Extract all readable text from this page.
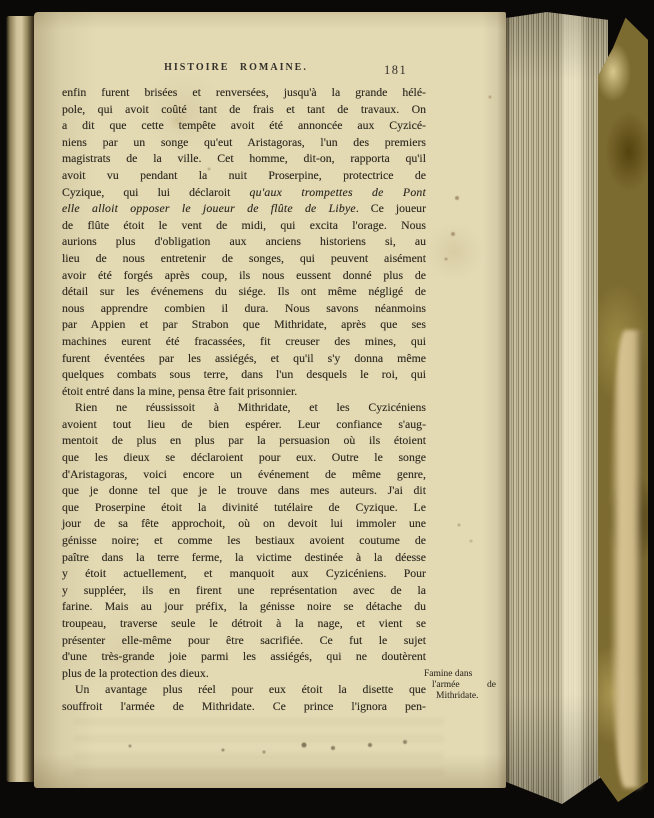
HISTOIRE ROMAINE.	181
enfin furent brisées et renversées, jusqu'à la grande hélé-
pole, qui avoit coûté tant de frais et tant de travaux. On
a dit que cette tempête avoit été annoncée aux Cyzicé-
niens par un songe qu'eut Aristagoras, l'un des premiers
magistrats de la ville. Cet homme, dit-on, rapporta qu'il
avoit vu pendant la nuit Proserpine, protectrice de
Cyzique, qui lui déclaroit qu'aux trompettes de Pont
elle alloit opposer le joueur de flûte de Libye. Ce joueur
de flûte étoit le vent de midi, qui excita l'orage. Nous
aurions plus d'obligation aux anciens historiens si, au
lieu de nous entretenir de songes, qui peuvent aisément
avoir été forgés après coup, ils nous eussent donné plus de
détail sur les événemens du siége. Ils ont même négligé de
nous apprendre combien il dura. Nous savons néanmoins
par Appien et par Strabon que Mithridate, après que ses
machines eurent été fracassées, fit creuser des mines, qui
furent éventées par les assiégés, et qu'il s'y donna même
quelques combats sous terre, dans l'un desquels le roi, qui
étoit entré dans la mine, pensa être fait prisonnier.
Rien ne réussissoit à Mithridate, et les Cyzicéniens
avoient tout lieu de bien espérer. Leur confiance s'aug-
mentoit de plus en plus par la persuasion où ils étoient
que les dieux se déclaroient pour eux. Outre le songe
d'Aristagoras, voici encore un événement de même genre,
que je donne tel que je le trouve dans mes auteurs. J'ai dit
que Proserpine étoit la divinité tutélaire de Cyzique. Le
jour de sa fête approchoit, où on devoit lui immoler une
génisse noire; et comme les bestiaux avoient coutume de
paître dans la terre ferme, la victime destinée à la déesse
y étoit actuellement, et manquoit aux Cyzicéniens. Pour
y suppléer, ils en firent une représentation avec de la
farine. Mais au jour préfix, la génisse noire se détache du
troupeau, traverse seule le détroit à la nage, et vient se
présenter elle-même pour être sacrifiée. Ce fut le sujet
d'une très-grande joie parmi les assiégés, qui ne doutèrent
plus de la protection des dieux.
Un avantage plus réel pour eux étoit la disette que
souffroit l'armée de Mithridate. Ce prince l'ignora pen-
Famine dans
l'armée de
Mithridate.
